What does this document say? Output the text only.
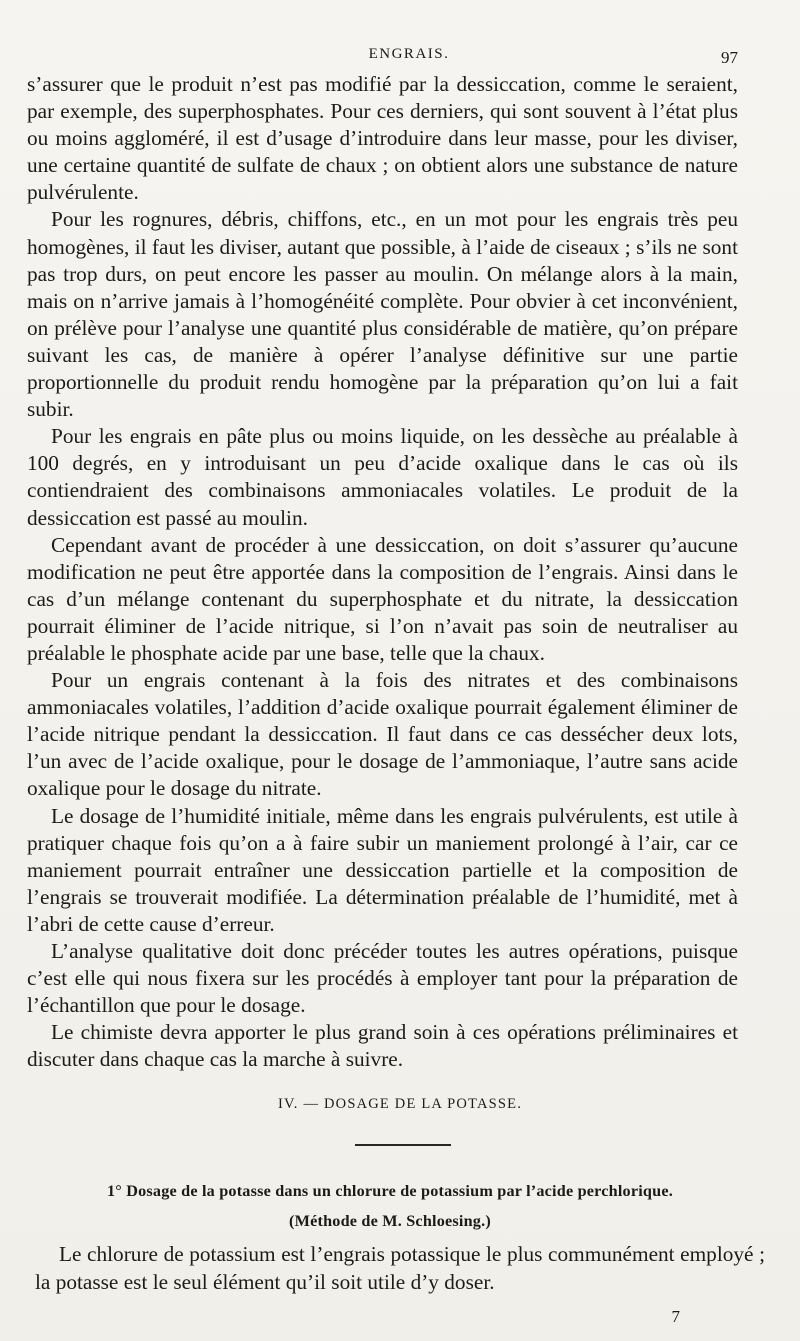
ENGRAIS.	97

s’assurer que le produit n’est pas modifié par la dessiccation, comme le seraient, par exemple, des superphosphates. Pour ces derniers, qui sont souvent à l’état plus ou moins aggloméré, il est d’usage d’introduire dans leur masse, pour les diviser, une certaine quantité de sulfate de chaux ; on obtient alors une substance de nature pulvérulente.

Pour les rognures, débris, chiffons, etc., en un mot pour les engrais très peu homogènes, il faut les diviser, autant que possible, à l’aide de ciseaux ; s’ils ne sont pas trop durs, on peut encore les passer au moulin. On mélange alors à la main, mais on n’arrive jamais à l’homogénéité complète. Pour obvier à cet inconvénient, on prélève pour l’analyse une quantité plus considérable de matière, qu’on prépare suivant les cas, de manière à opérer l’analyse définitive sur une partie proportionnelle du produit rendu homogène par la préparation qu’on lui a fait subir.

Pour les engrais en pâte plus ou moins liquide, on les dessèche au préalable à 100 degrés, en y introduisant un peu d’acide oxalique dans le cas où ils contiendraient des combinaisons ammoniacales volatiles. Le produit de la dessiccation est passé au moulin.

Cependant avant de procéder à une dessiccation, on doit s’assurer qu’aucune modification ne peut être apportée dans la composition de l’engrais. Ainsi dans le cas d’un mélange contenant du superphosphate et du nitrate, la dessiccation pourrait éliminer de l’acide nitrique, si l’on n’avait pas soin de neutraliser au préalable le phosphate acide par une base, telle que la chaux.

Pour un engrais contenant à la fois des nitrates et des combinaisons ammoniacales volatiles, l’addition d’acide oxalique pourrait également éliminer de l’acide nitrique pendant la dessiccation. Il faut dans ce cas dessécher deux lots, l’un avec de l’acide oxalique, pour le dosage de l’ammoniaque, l’autre sans acide oxalique pour le dosage du nitrate.

Le dosage de l’humidité initiale, même dans les engrais pulvérulents, est utile à pratiquer chaque fois qu’on a à faire subir un maniement prolongé à l’air, car ce maniement pourrait entraîner une dessiccation partielle et la composition de l’engrais se trouverait modifiée. La détermination préalable de l’humidité, met à l’abri de cette cause d’erreur.

L’analyse qualitative doit donc précéder toutes les autres opérations, puisque c’est elle qui nous fixera sur les procédés à employer tant pour la préparation de l’échantillon que pour le dosage.

Le chimiste devra apporter le plus grand soin à ces opérations préliminaires et discuter dans chaque cas la marche à suivre.

IV. — DOSAGE DE LA POTASSE.
1° Dosage de la potasse dans un chlorure de potassium par l’acide perchlorique.
(Méthode de M. Schloesing.)

Le chlorure de potassium est l’engrais potassique le plus communément employé ; la potasse est le seul élément qu’il soit utile d’y doser.

7
